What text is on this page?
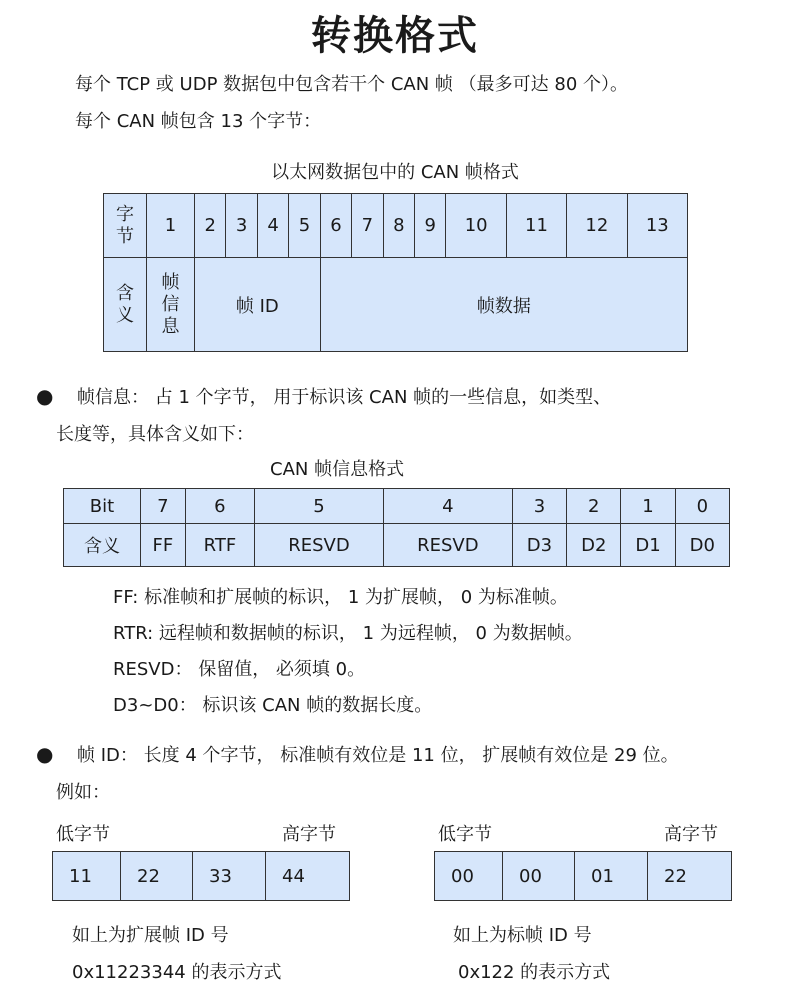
转换格式
每个 TCP 或 UDP 数据包中包含若干个 CAN 帧 （最多可达 80 个）。
每个 CAN 帧包含 13 个字节：
以太网数据包中的 CAN 帧格式
字节	1	2	3	4	5	6	7	8	9	10	11	12	13

含义	帧信息	帧 ID				帧数据							
● 帧信息： 占 1 个字节， 用于标识该 CAN 帧的一些信息，如类型、
长度等，具体含义如下：
CAN 帧信息格式
Bit	7	6	5	4	3	2	1	0
含义	FF	RTF	RESVD	RESVD	D3	D2	D1	D0
FF: 标准帧和扩展帧的标识， 1 为扩展帧， 0 为标准帧。
RTR: 远程帧和数据帧的标识， 1 为远程帧， 0 为数据帧。
RESVD： 保留值， 必须填 0。
D3~D0： 标识该 CAN 帧的数据长度。
● 帧 ID： 长度 4 个字节， 标准帧有效位是 11 位， 扩展帧有效位是 29 位。
例如：
低字节	高字节
11	22	33	44
如上为扩展帧 ID 号
0x11223344 的表示方式
低字节	高字节
00	00	01	22
如上为标帧 ID 号
0x122 的表示方式
